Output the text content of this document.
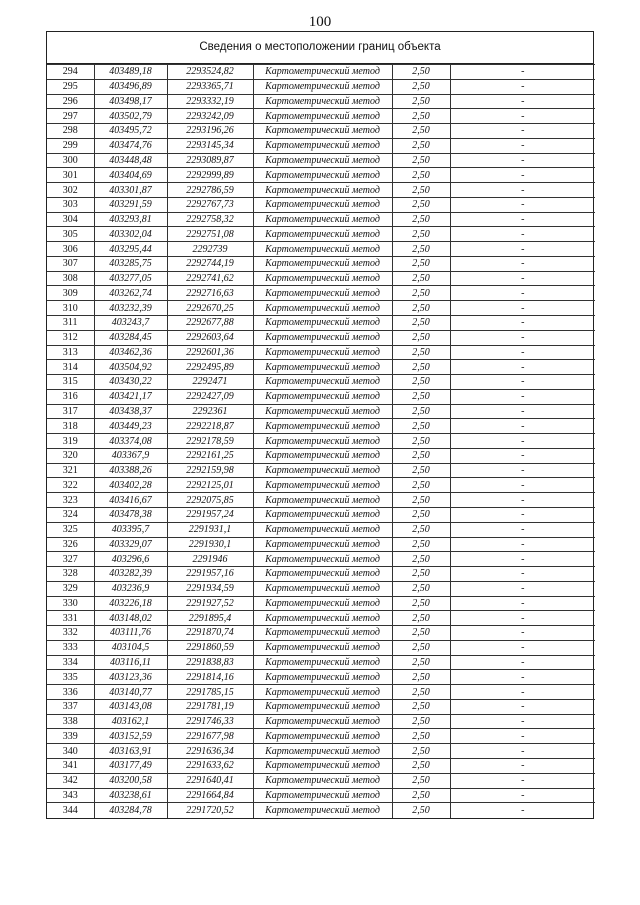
100
Сведения о местоположении границ объекта
294	403489,18	2293524,82	Картометрический метод	2,50	-
295	403496,89	2293365,71	Картометрический метод	2,50	-
296	403498,17	2293332,19	Картометрический метод	2,50	-
297	403502,79	2293242,09	Картометрический метод	2,50	-
298	403495,72	2293196,26	Картометрический метод	2,50	-
299	403474,76	2293145,34	Картометрический метод	2,50	-
300	403448,48	2293089,87	Картометрический метод	2,50	-
301	403404,69	2292999,89	Картометрический метод	2,50	-
302	403301,87	2292786,59	Картометрический метод	2,50	-
303	403291,59	2292767,73	Картометрический метод	2,50	-
304	403293,81	2292758,32	Картометрический метод	2,50	-
305	403302,04	2292751,08	Картометрический метод	2,50	-
306	403295,44	2292739	Картометрический метод	2,50	-
307	403285,75	2292744,19	Картометрический метод	2,50	-
308	403277,05	2292741,62	Картометрический метод	2,50	-
309	403262,74	2292716,63	Картометрический метод	2,50	-
310	403232,39	2292670,25	Картометрический метод	2,50	-
311	403243,7	2292677,88	Картометрический метод	2,50	-
312	403284,45	2292603,64	Картометрический метод	2,50	-
313	403462,36	2292601,36	Картометрический метод	2,50	-
314	403504,92	2292495,89	Картометрический метод	2,50	-
315	403430,22	2292471	Картометрический метод	2,50	-
316	403421,17	2292427,09	Картометрический метод	2,50	-
317	403438,37	2292361	Картометрический метод	2,50	-
318	403449,23	2292218,87	Картометрический метод	2,50	-
319	403374,08	2292178,59	Картометрический метод	2,50	-
320	403367,9	2292161,25	Картометрический метод	2,50	-
321	403388,26	2292159,98	Картометрический метод	2,50	-
322	403402,28	2292125,01	Картометрический метод	2,50	-
323	403416,67	2292075,85	Картометрический метод	2,50	-
324	403478,38	2291957,24	Картометрический метод	2,50	-
325	403395,7	2291931,1	Картометрический метод	2,50	-
326	403329,07	2291930,1	Картометрический метод	2,50	-
327	403296,6	2291946	Картометрический метод	2,50	-
328	403282,39	2291957,16	Картометрический метод	2,50	-
329	403236,9	2291934,59	Картометрический метод	2,50	-
330	403226,18	2291927,52	Картометрический метод	2,50	-
331	403148,02	2291895,4	Картометрический метод	2,50	-
332	403111,76	2291870,74	Картометрический метод	2,50	-
333	403104,5	2291860,59	Картометрический метод	2,50	-
334	403116,11	2291838,83	Картометрический метод	2,50	-
335	403123,36	2291814,16	Картометрический метод	2,50	-
336	403140,77	2291785,15	Картометрический метод	2,50	-
337	403143,08	2291781,19	Картометрический метод	2,50	-
338	403162,1	2291746,33	Картометрический метод	2,50	-
339	403152,59	2291677,98	Картометрический метод	2,50	-
340	403163,91	2291636,34	Картометрический метод	2,50	-
341	403177,49	2291633,62	Картометрический метод	2,50	-
342	403200,58	2291640,41	Картометрический метод	2,50	-
343	403238,61	2291664,84	Картометрический метод	2,50	-
344	403284,78	2291720,52	Картометрический метод	2,50	-
